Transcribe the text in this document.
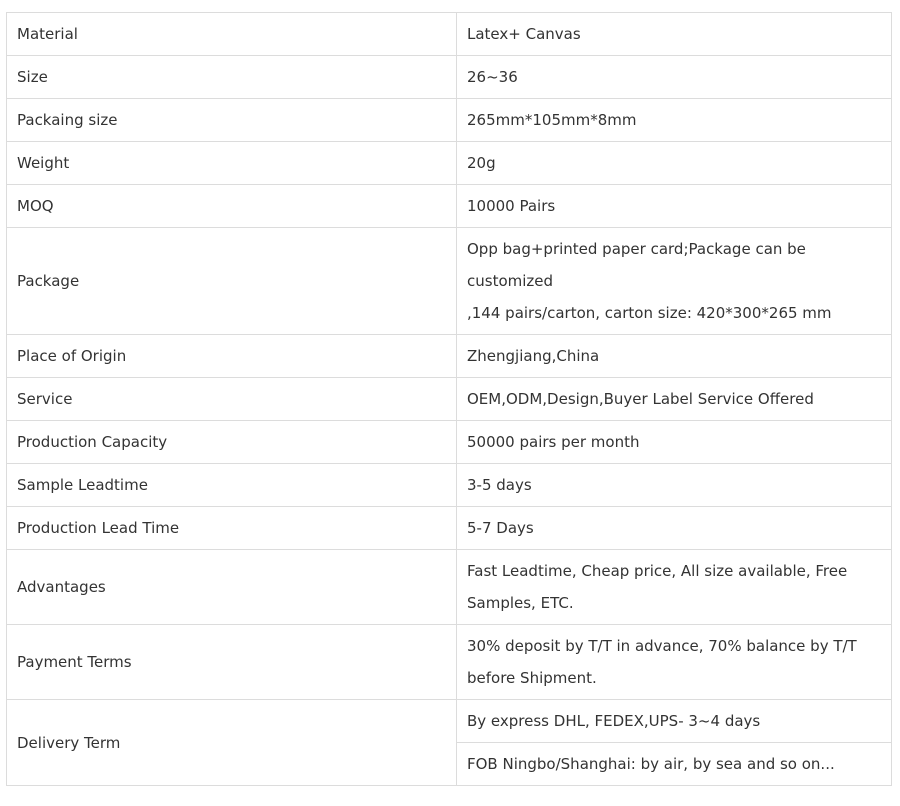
Material	Latex+ Canvas

Size	26~36

Packaing size	265mm*105mm*8mm

Weight	20g

MOQ	10000 Pairs

Package	Opp bag+printed paper card;Package can be
customized
,144 pairs/carton, carton size: 420*300*265 mm

Place of Origin	Zhengjiang,China

Service	OEM,ODM,Design,Buyer Label Service Offered

Production Capacity	50000 pairs per month

Sample Leadtime	3-5 days

Production Lead Time	5-7 Days

Advantages	Fast Leadtime, Cheap price, All size available, Free
Samples, ETC.

Payment Terms	30% deposit by T/T in advance, 70% balance by T/T
before Shipment.

Delivery Term	By express DHL, FEDEX,UPS- 3~4 days

	FOB Ningbo/Shanghai: by air, by sea and so on...
